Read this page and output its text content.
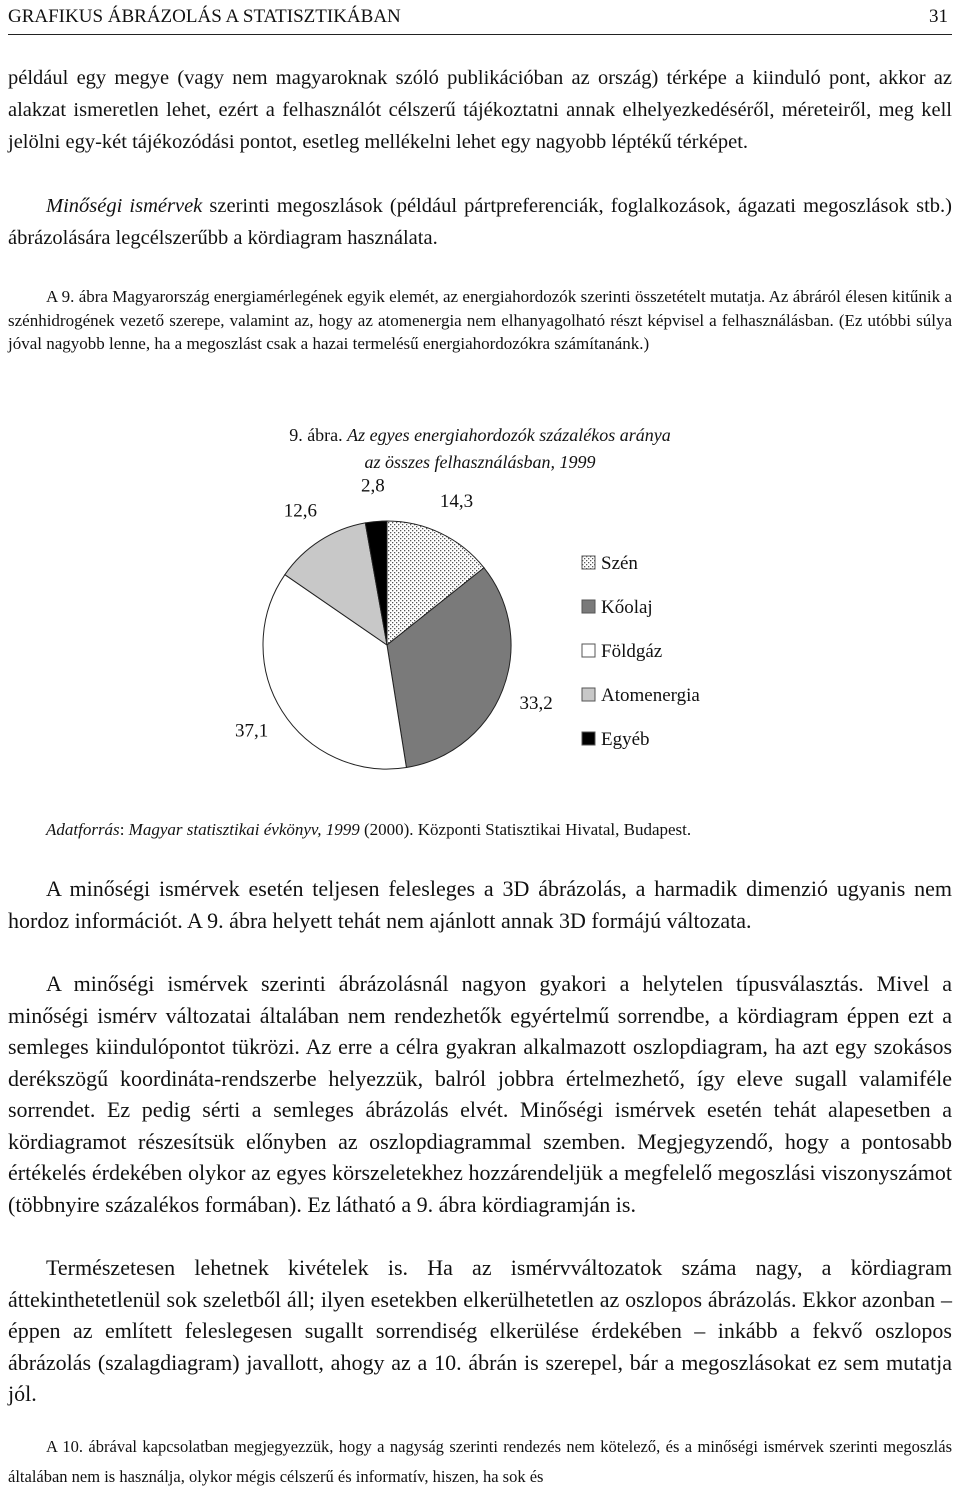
GRAFIKUS ÁBRÁZOLÁS A STATISZTIKÁBAN	31

például egy megye (vagy nem magyaroknak szóló publikációban az ország) térképe a kiinduló pont, akkor az alakzat ismeretlen lehet, ezért a felhasználót célszerű tájékoztatni annak elhelyezkedéséről, méreteiről, meg kell jelölni egy-két tájékozódási pontot, esetleg mellékelni lehet egy nagyobb léptékű térképet.

Minőségi ismérvek szerinti megoszlások (például pártpreferenciák, foglalkozások, ágazati megoszlások stb.) ábrázolására legcélszerűbb a kördiagram használata.

A 9. ábra Magyarország energiamérlegének egyik elemét, az energiahordozók szerinti összetételt mutatja. Az ábráról élesen kitűnik a szénhidrogének vezető szerepe, valamint az, hogy az atomenergia nem elhanyagolható részt képvisel a felhasználásban. (Ez utóbbi súlya jóval nagyobb lenne, ha a megoszlást csak a hazai termelésű energiahordozókra számítanánk.)

9. ábra. Az egyes energiahordozók százalékos aránya
az összes felhasználásban, 1999
14,3
33,2
37,1
12,6
2,8
Szén
Kőolaj
Földgáz
Atomenergia
Egyéb
Adatforrás: Magyar statisztikai évkönyv, 1999 (2000). Központi Statisztikai Hivatal, Budapest.

A minőségi ismérvek esetén teljesen felesleges a 3D ábrázolás, a harmadik dimenzió ugyanis nem hordoz információt. A 9. ábra helyett tehát nem ajánlott annak 3D formájú változata.

A minőségi ismérvek szerinti ábrázolásnál nagyon gyakori a helytelen típusválasztás. Mivel a minőségi ismérv változatai általában nem rendezhetők egyértelmű sorrendbe, a kördiagram éppen ezt a semleges kiindulópontot tükrözi. Az erre a célra gyakran alkalmazott oszlopdiagram, ha azt egy szokásos derékszögű koordináta-rendszerbe helyezzük, balról jobbra értelmezhető, így eleve sugall valamiféle sorrendet. Ez pedig sérti a semleges ábrázolás elvét. Minőségi ismérvek esetén tehát alapesetben a kördiagramot részesítsük előnyben az oszlopdiagrammal szemben. Megjegyzendő, hogy a pontosabb értékelés érdekében olykor az egyes körszeletekhez hozzárendeljük a megfelelő megoszlási viszonyszámot (többnyire százalékos formában). Ez látható a 9. ábra kördiagramján is.

Természetesen lehetnek kivételek is. Ha az ismérvváltozatok száma nagy, a kördiagram áttekinthetetlenül sok szeletből áll; ilyen esetekben elkerülhetetlen az oszlopos ábrázolás. Ekkor azonban – éppen az említett feleslegesen sugallt sorrendiség elkerülése érdekében – inkább a fekvő oszlopos ábrázolás (szalagdiagram) javallott, ahogy az a 10. ábrán is szerepel, bár a megoszlásokat ez sem mutatja jól.

A 10. ábrával kapcsolatban megjegyezzük, hogy a nagyság szerinti rendezés nem kötelező, és a minőségi ismérvek szerinti megoszlás általában nem is használja, olykor mégis célszerű és informatív, hiszen, ha sok és
